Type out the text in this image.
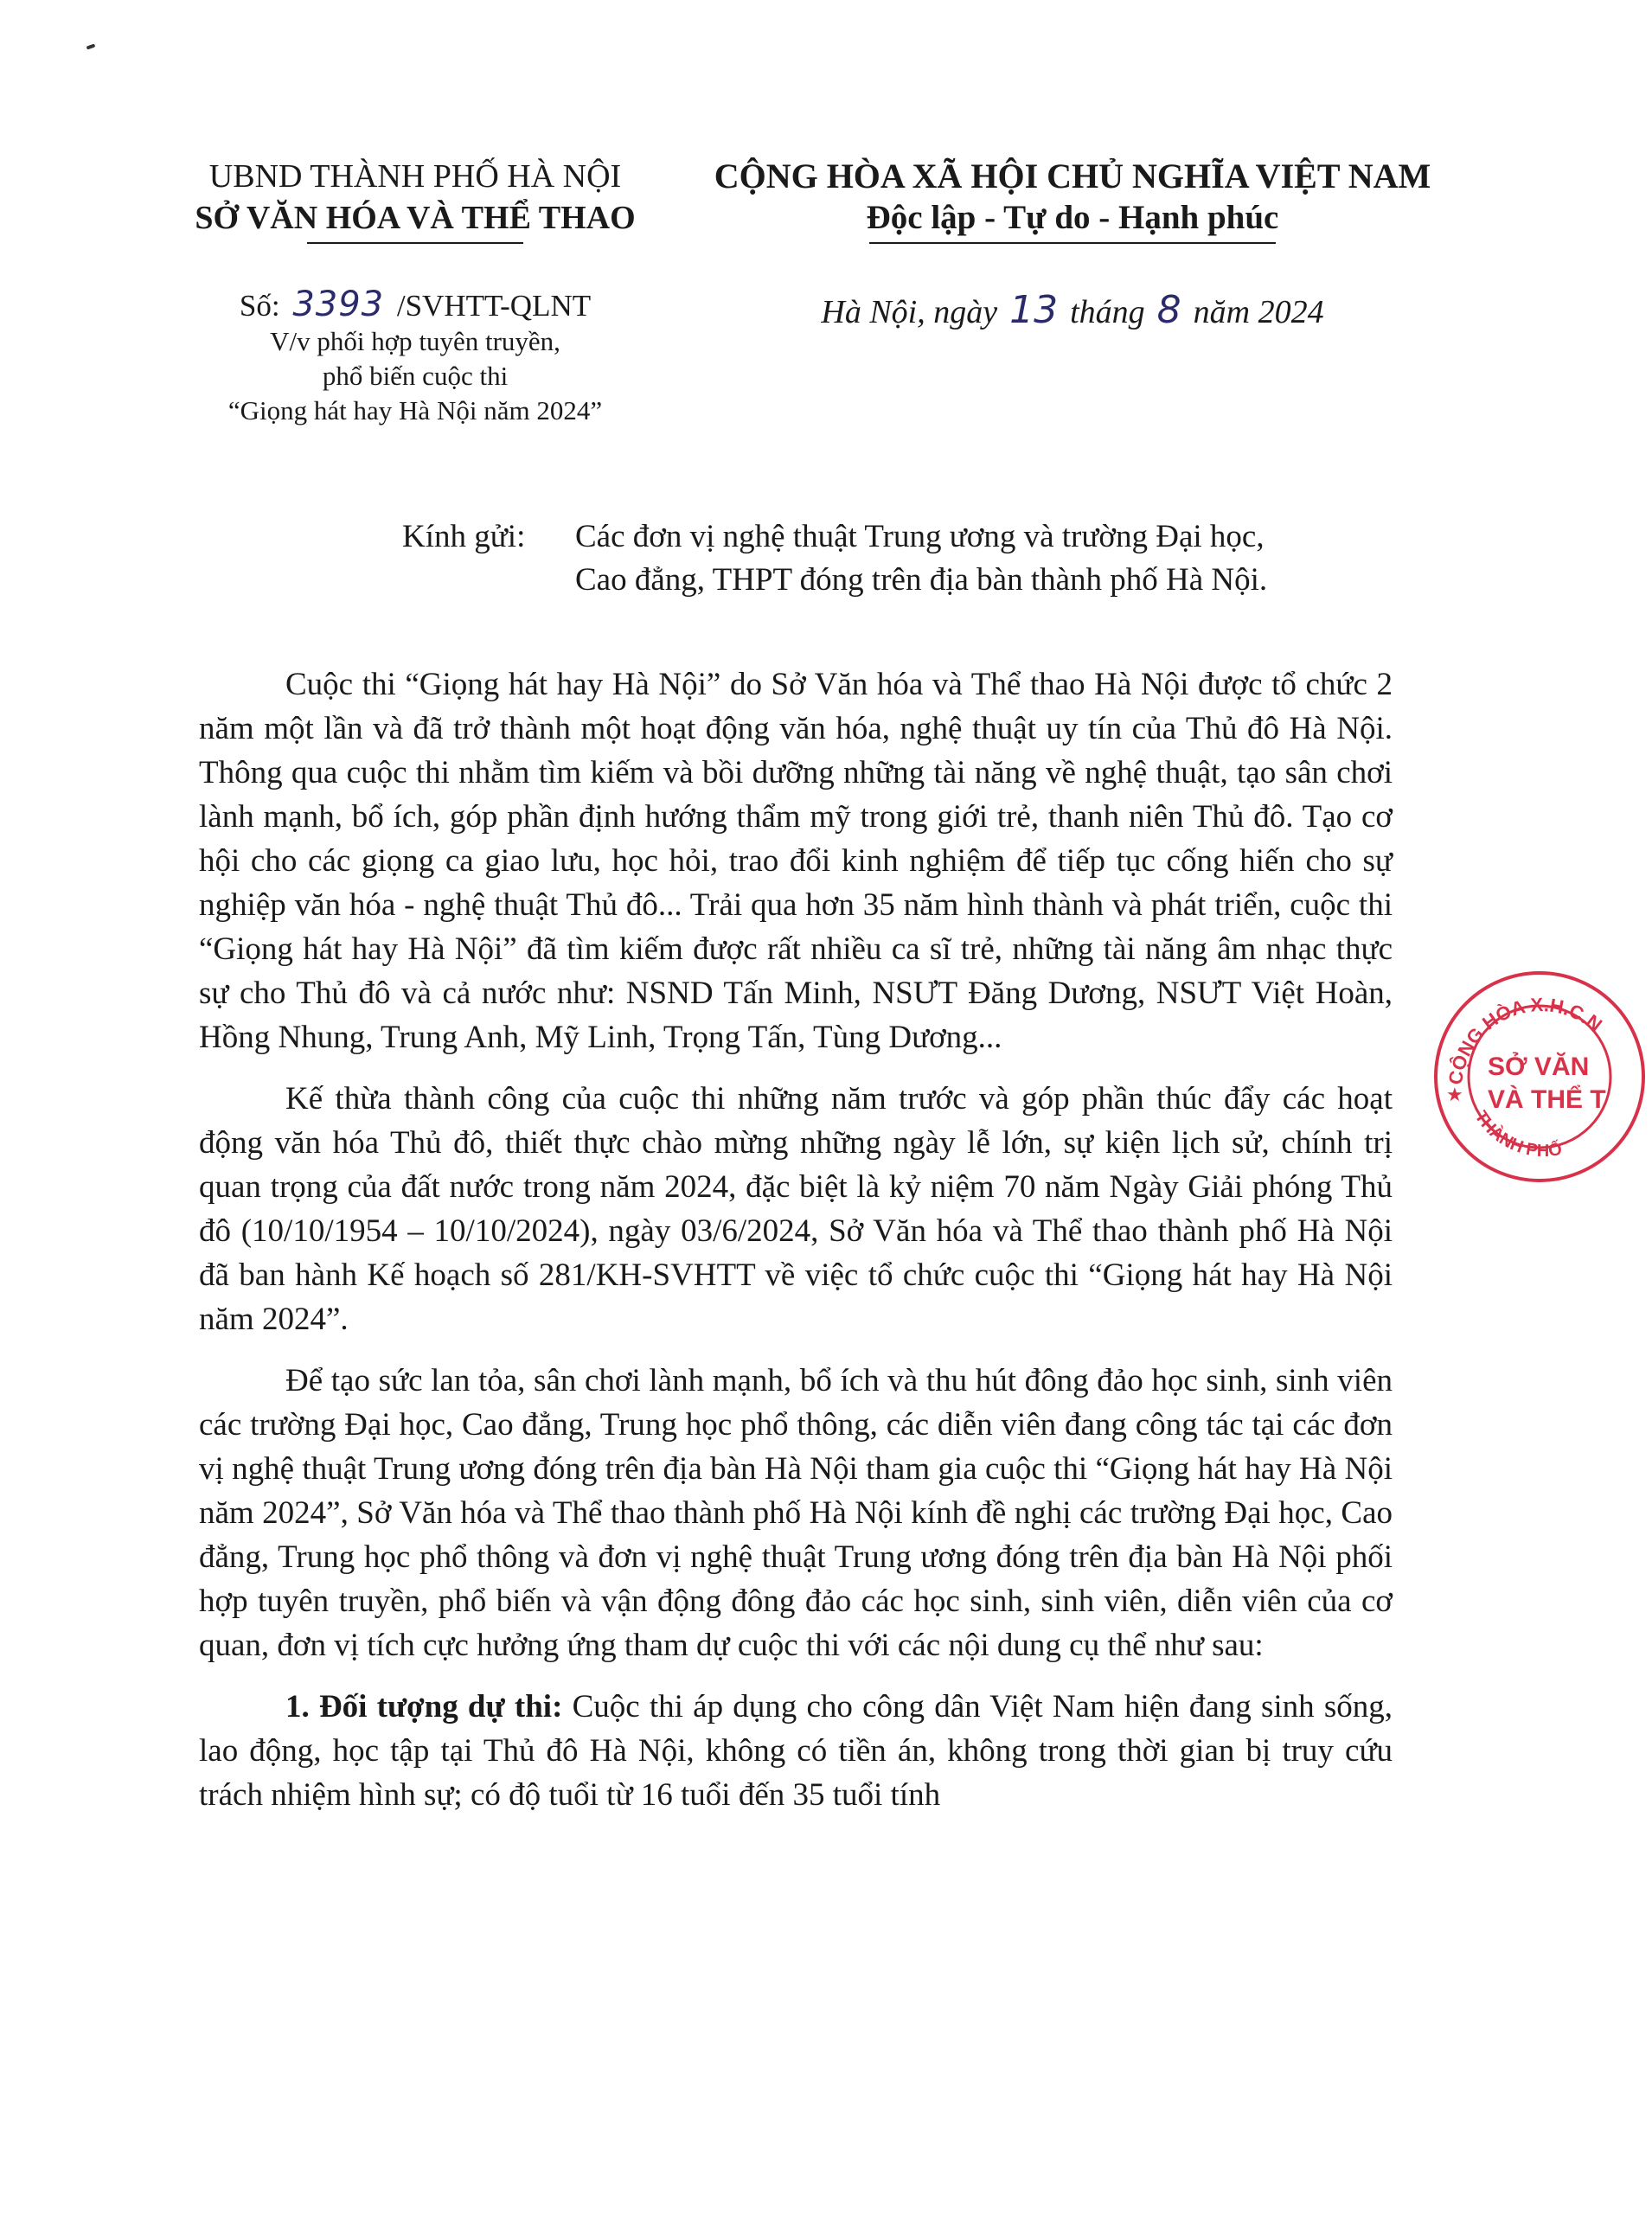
UBND THÀNH PHỐ HÀ NỘI
SỞ VĂN HÓA VÀ THỂ THAO
CỘNG HÒA XÃ HỘI CHỦ NGHĨA VIỆT NAM
Độc lập - Tự do - Hạnh phúc
Số: 3393 /SVHTT-QLNT
V/v phối hợp tuyên truyền,
phổ biến cuộc thi
“Giọng hát hay Hà Nội năm 2024”
Hà Nội, ngày 13 tháng 8 năm 2024
Kính gửi: Các đơn vị nghệ thuật Trung ương và trường Đại học,
Cao đẳng, THPT đóng trên địa bàn thành phố Hà Nội.

Cuộc thi “Giọng hát hay Hà Nội” do Sở Văn hóa và Thể thao Hà Nội được tổ chức 2 năm một lần và đã trở thành một hoạt động văn hóa, nghệ thuật uy tín của Thủ đô Hà Nội. Thông qua cuộc thi nhằm tìm kiếm và bồi dưỡng những tài năng về nghệ thuật, tạo sân chơi lành mạnh, bổ ích, góp phần định hướng thẩm mỹ trong giới trẻ, thanh niên Thủ đô. Tạo cơ hội cho các giọng ca giao lưu, học hỏi, trao đổi kinh nghiệm để tiếp tục cống hiến cho sự nghiệp văn hóa - nghệ thuật Thủ đô... Trải qua hơn 35 năm hình thành và phát triển, cuộc thi “Giọng hát hay Hà Nội” đã tìm kiếm được rất nhiều ca sĩ trẻ, những tài năng âm nhạc thực sự cho Thủ đô và cả nước như: NSND Tấn Minh, NSƯT Đăng Dương, NSƯT Việt Hoàn, Hồng Nhung, Trung Anh, Mỹ Linh, Trọng Tấn, Tùng Dương...

Kế thừa thành công của cuộc thi những năm trước và góp phần thúc đẩy các hoạt động văn hóa Thủ đô, thiết thực chào mừng những ngày lễ lớn, sự kiện lịch sử, chính trị quan trọng của đất nước trong năm 2024, đặc biệt là kỷ niệm 70 năm Ngày Giải phóng Thủ đô (10/10/1954 – 10/10/2024), ngày 03/6/2024, Sở Văn hóa và Thể thao thành phố Hà Nội đã ban hành Kế hoạch số 281/KH-SVHTT về việc tổ chức cuộc thi “Giọng hát hay Hà Nội năm 2024”.

Để tạo sức lan tỏa, sân chơi lành mạnh, bổ ích và thu hút đông đảo học sinh, sinh viên các trường Đại học, Cao đẳng, Trung học phổ thông, các diễn viên đang công tác tại các đơn vị nghệ thuật Trung ương đóng trên địa bàn Hà Nội tham gia cuộc thi “Giọng hát hay Hà Nội năm 2024”, Sở Văn hóa và Thể thao thành phố Hà Nội kính đề nghị các trường Đại học, Cao đẳng, Trung học phổ thông và đơn vị nghệ thuật Trung ương đóng trên địa bàn Hà Nội phối hợp tuyên truyền, phổ biến và vận động đông đảo các học sinh, sinh viên, diễn viên của cơ quan, đơn vị tích cực hưởng ứng tham dự cuộc thi với các nội dung cụ thể như sau:

1. Đối tượng dự thi: Cuộc thi áp dụng cho công dân Việt Nam hiện đang sinh sống, lao động, học tập tại Thủ đô Hà Nội, không có tiền án, không trong thời gian bị truy cứu trách nhiệm hình sự; có độ tuổi từ 16 tuổi đến 35 tuổi tính

CỘNG HÒA X.H.C.N
THÀNH PHỐ
★
SỞ VĂN
VÀ THỂ T
